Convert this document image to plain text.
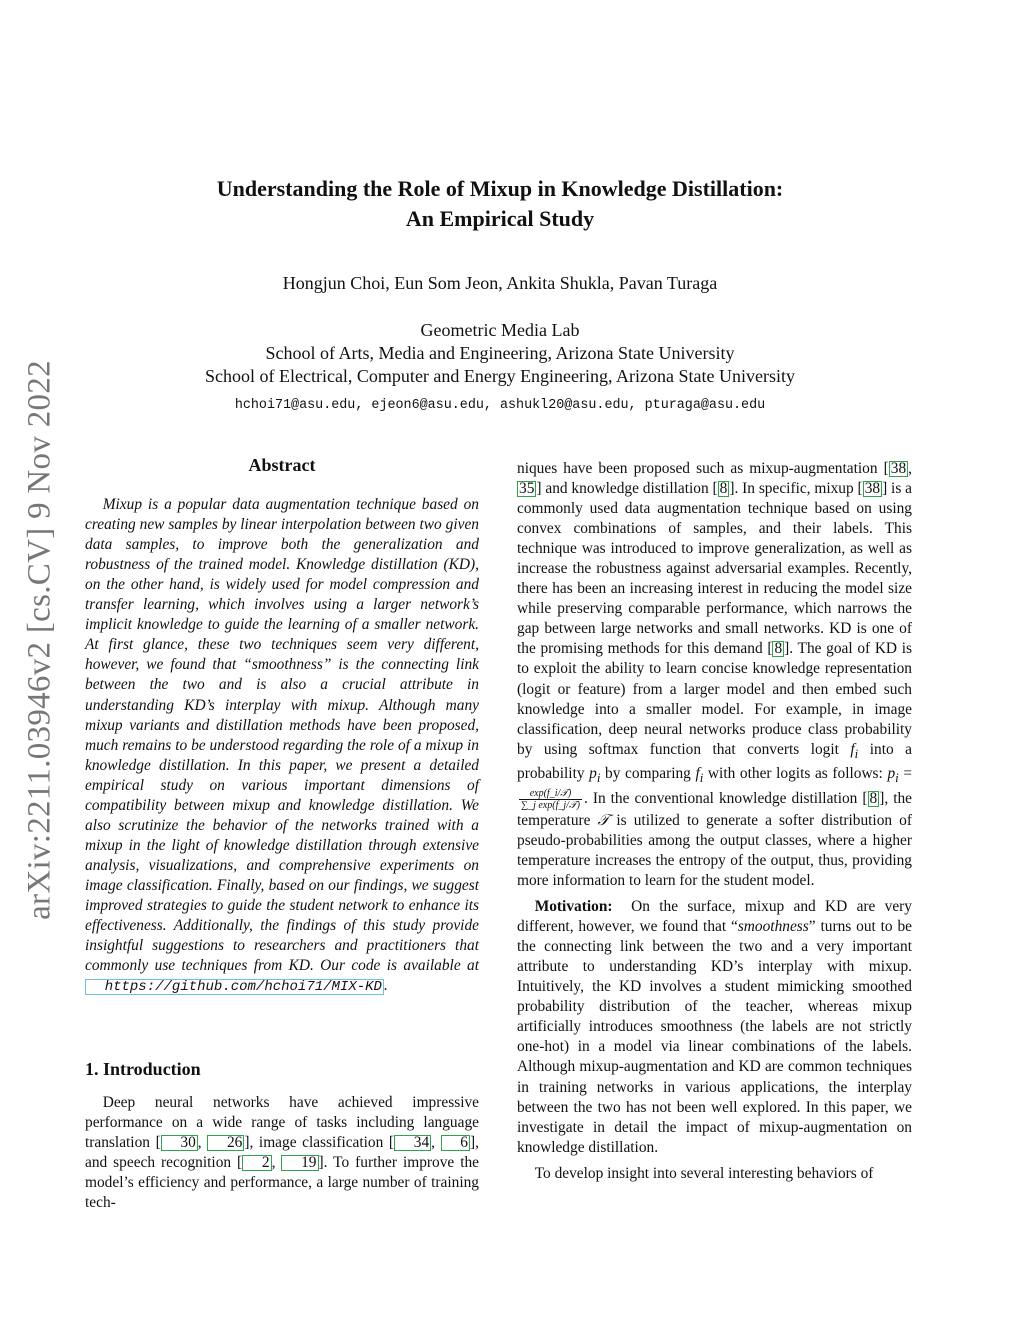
arXiv:2211.03946v2 [cs.CV] 9 Nov 2022
Understanding the Role of Mixup in Knowledge Distillation:
An Empirical Study
Hongjun Choi, Eun Som Jeon, Ankita Shukla, Pavan Turaga
Geometric Media Lab
School of Arts, Media and Engineering, Arizona State University
School of Electrical, Computer and Energy Engineering, Arizona State University
hchoi71@asu.edu, ejeon6@asu.edu, ashukl20@asu.edu, pturaga@asu.edu
Abstract

Mixup is a popular data augmentation technique based on creating new samples by linear interpolation between two given data samples, to improve both the generalization and robustness of the trained model. Knowledge distillation (KD), on the other hand, is widely used for model compression and transfer learning, which involves using a larger network’s implicit knowledge to guide the learning of a smaller network. At first glance, these two techniques seem very different, however, we found that “smoothness” is the connecting link between the two and is also a crucial attribute in understanding KD’s interplay with mixup. Although many mixup variants and distillation methods have been proposed, much remains to be understood regarding the role of a mixup in knowledge distillation. In this paper, we present a detailed empirical study on various important dimensions of compatibility between mixup and knowledge distillation. We also scrutinize the behavior of the networks trained with a mixup in the light of knowledge distillation through extensive analysis, visualizations, and comprehensive experiments on image classification. Finally, based on our findings, we suggest improved strategies to guide the student network to enhance its effectiveness. Additionally, the findings of this study provide insightful suggestions to researchers and practitioners that commonly use techniques from KD. Our code is available at https://github.com/hchoi71/MIX-KD .

1. Introduction

Deep neural networks have achieved impressive performance on a wide range of tasks including language translation [ 30 , 26 ], image classification [ 34 , 6 ], and speech recognition [ 2 , 19 ]. To further improve the model’s efficiency and performance, a large number of training tech-

niques have been proposed such as mixup-augmentation [ 38 , 35 ] and knowledge distillation [ 8 ]. In specific, mixup [ 38 ] is a commonly used data augmentation technique based on using convex combinations of samples, and their labels. This technique was introduced to improve generalization, as well as increase the robustness against adversarial examples. Recently, there has been an increasing interest in reducing the model size while preserving comparable performance, which narrows the gap between large networks and small networks. KD is one of the promising methods for this demand [ 8 ]. The goal of KD is to exploit the ability to learn concise knowledge representation (logit or feature) from a larger model and then embed such knowledge into a smaller model. For example, in image classification, deep neural networks produce class probability by using softmax function that converts logit $f_i$ into a probability $p_i$ by comparing $f_i$ with other logits as follows: $p_i$ =
$\frac{\text{exp(f\_i/𝒯)}}{\text{∑\_j exp(f\_j/𝒯)}}$ . In the conventional knowledge distillation [ 8 ], the temperature 𝒯 is utilized to generate a softer distribution of pseudo-probabilities among the output classes, where a higher temperature increases the entropy of the output, thus, providing more information to learn for the student model.

Motivation: On the surface, mixup and KD are very different, however, we found that “smoothness” turns out to be the connecting link between the two and a very important attribute to understanding KD’s interplay with mixup. Intuitively, the KD involves a student mimicking smoothed probability distribution of the teacher, whereas mixup artificially introduces smoothness (the labels are not strictly one-hot) in a model via linear combinations of the labels. Although mixup-augmentation and KD are common techniques in training networks in various applications, the interplay between the two has not been well explored. In this paper, we investigate in detail the impact of mixup-augmentation on knowledge distillation.

To develop insight into several interesting behaviors of
